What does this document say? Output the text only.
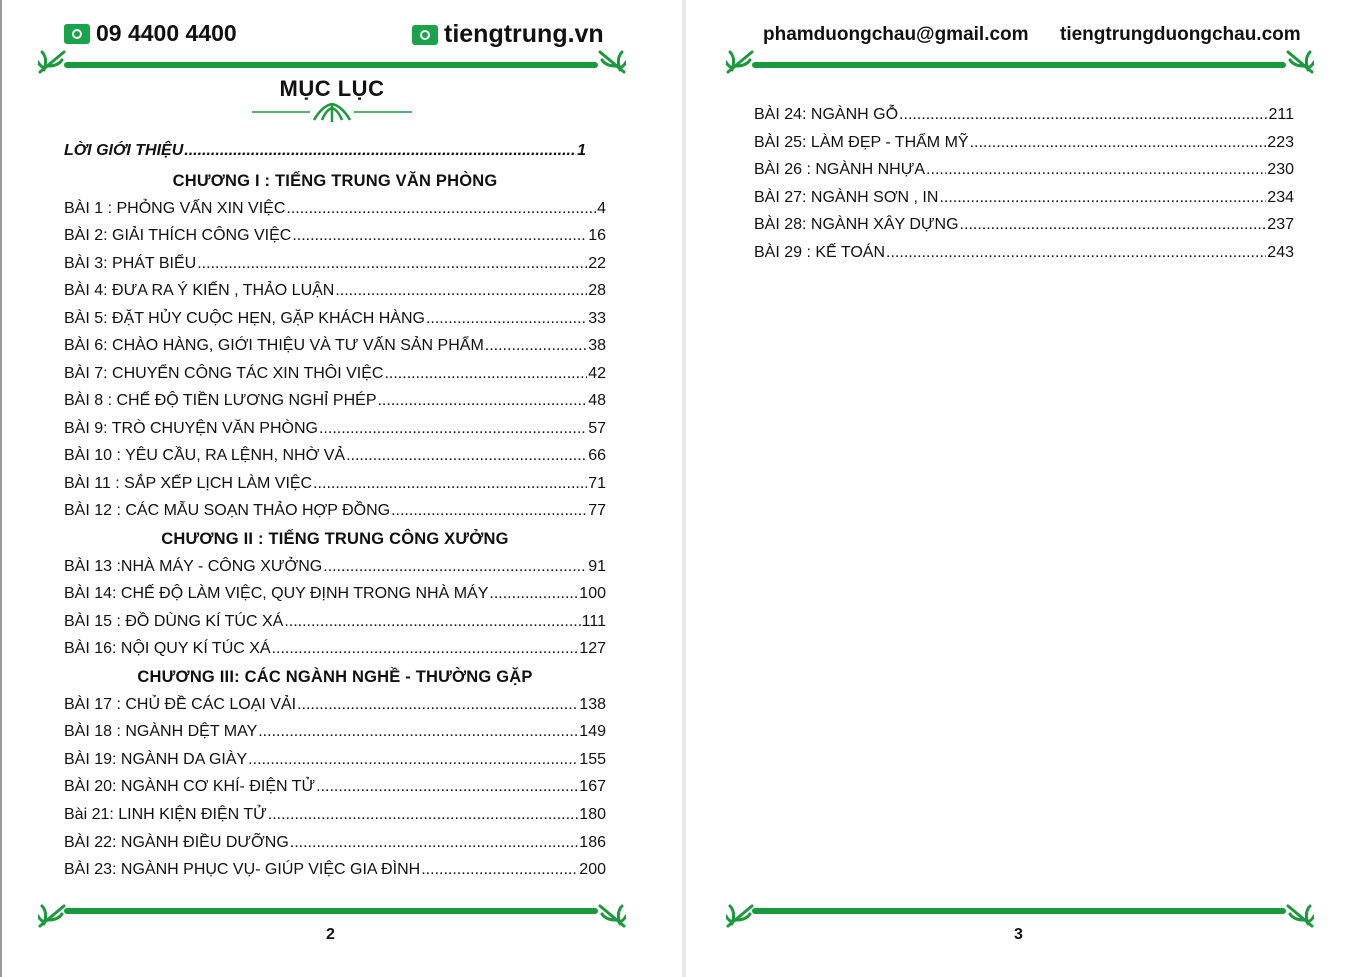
09 4400 4400	tiengtrung.vn
MỤC LỤC
LỜI GIỚI THIỆU .....	1
CHƯƠNG I : TIẾNG TRUNG VĂN PHÒNG
CHƯƠNG II : TIẾNG TRUNG CÔNG XƯỞNG
CHƯƠNG III: CÁC NGÀNH NGHỀ - THƯỜNG GẶP
BÀI 1 : PHỎNG VẤN XIN VIỆC .....	4
BÀI 2: GIẢI THÍCH CÔNG VIỆC .....	16
BÀI 3: PHÁT BIỂU .....	22
BÀI 4: ĐƯA RA Ý KIẾN , THẢO LUẬN .....	28
BÀI 5: ĐẶT HỦY CUỘC HẸN, GẶP KHÁCH HÀNG .....	33
BÀI 6: CHÀO HÀNG, GIỚI THIỆU VÀ TƯ VẤN SẢN PHẨM .....	38
BÀI 7: CHUYỂN CÔNG TÁC XIN THÔI VIỆC .....	42
BÀI 8 : CHẾ ĐỘ TIỀN LƯƠNG NGHỈ PHÉP .....	48
BÀI 9: TRÒ CHUYỆN VĂN PHÒNG .....	57
BÀI 10 : YÊU CẦU, RA LỆNH, NHỜ VẢ .....	66
BÀI 11 : SẮP XẾP LỊCH LÀM VIỆC .....	71
BÀI 12 : CÁC MẪU SOẠN THẢO HỢP ĐỒNG .....	77
BÀI 13 :NHÀ MÁY - CÔNG XƯỞNG .....	91
BÀI 14: CHẾ ĐỘ LÀM VIỆC, QUY ĐỊNH TRONG NHÀ MÁY .....	100
BÀI 15 : ĐỒ DÙNG KÍ TÚC XÁ .....	111
BÀI 16: NỘI QUY KÍ TÚC XÁ .....	127
BÀI 17 : CHỦ ĐỀ CÁC LOẠI VẢI .....	138
BÀI 18 : NGÀNH DỆT MAY .....	149
BÀI 19: NGÀNH DA GIÀY .....	155
BÀI 20: NGÀNH CƠ KHÍ- ĐIỆN TỬ .....	167
Bài 21: LINH KIỆN ĐIỆN TỬ .....	180
BÀI 22: NGÀNH ĐIỀU DƯỠNG .....	186
BÀI 23: NGÀNH PHỤC VỤ- GIÚP VIỆC GIA ĐÌNH .....	200
2
phamduongchau@gmail.com tiengtrungduongchau.com
BÀI 24: NGÀNH GỖ .....	211
BÀI 25: LÀM ĐẸP - THẨM MỸ .....	223
BÀI 26 : NGÀNH NHỰA .....	230
BÀI 27: NGÀNH SƠN , IN .....	234
BÀI 28: NGÀNH XÂY DỰNG .....	237
BÀI 29 : KẾ TOÁN .....	243
3
